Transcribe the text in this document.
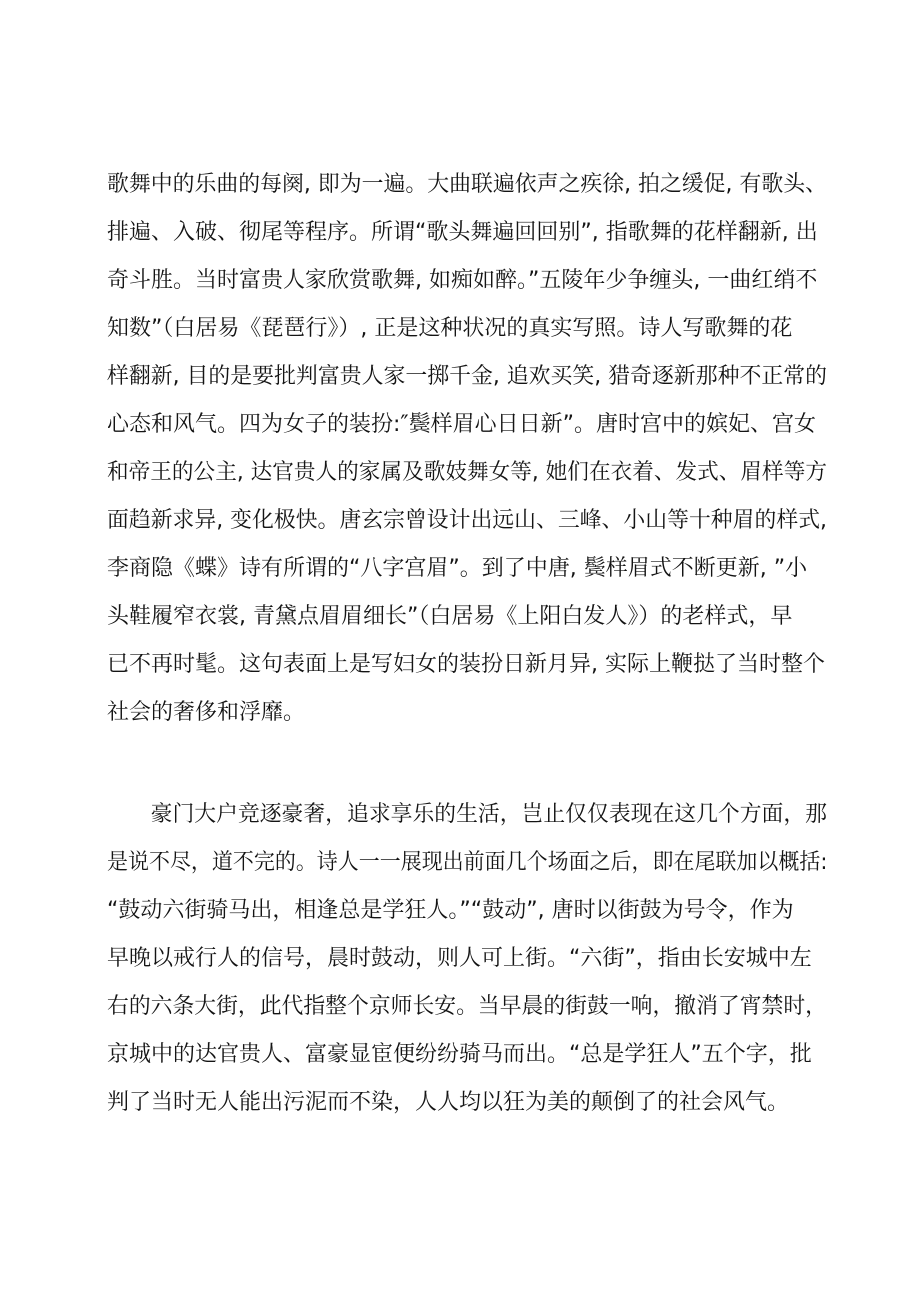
歌舞中的乐曲的每阕, 即为一遍。大曲联遍依声之疾徐, 拍之缓促, 有歌头、
排遍、入破、彻尾等程序。所谓“歌头舞遍回回别”, 指歌舞的花样翻新, 出
奇斗胜。当时富贵人家欣赏歌舞, 如痴如醉。”五陵年少争缠头, 一曲红绡不
知数”（白居易《琵琶行》）, 正是这种状况的真实写照。诗人写歌舞的花
样翻新, 目的是要批判富贵人家一掷千金, 追欢买笑, 猎奇逐新那种不正常的
心态和风气。四为女子的装扮:″鬓样眉心日日新”。唐时宫中的嫔妃、宫女
和帝王的公主, 达官贵人的家属及歌妓舞女等, 她们在衣着、发式、眉样等方
面趋新求异, 变化极快。唐玄宗曾设计出远山、三峰、小山等十种眉的样式,
李商隐《蝶》诗有所谓的“八字宫眉”。到了中唐, 鬓样眉式不断更新, ”小
头鞋履窄衣裳, 青黛点眉眉细长”（白居易《上阳白发人》）的老样式，早
已不再时髦。这句表面上是写妇女的装扮日新月异, 实际上鞭挞了当时整个
社会的奢侈和浮靡。
　　豪门大户竞逐豪奢，追求享乐的生活，岂止仅仅表现在这几个方面，那
是说不尽，道不完的。诗人一一展现出前面几个场面之后，即在尾联加以概括:
“鼓动六街骑马出，相逢总是学狂人。”“鼓动”, 唐时以街鼓为号令，作为
早晚以戒行人的信号，晨时鼓动，则人可上街。“六街”，指由长安城中左
右的六条大街，此代指整个京师长安。当早晨的街鼓一响，撤消了宵禁时，
京城中的达官贵人、富豪显宦便纷纷骑马而出。“总是学狂人”五个字，批
判了当时无人能出污泥而不染，人人均以狂为美的颠倒了的社会风气。
